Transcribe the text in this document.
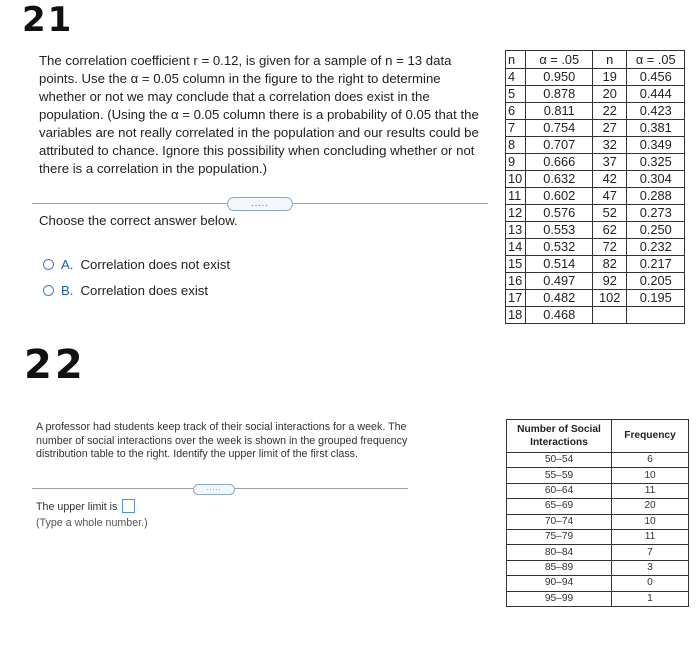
21
The correlation coefficient r = 0.12, is given for a sample of n = 13 data points. Use the α = 0.05 column in the figure to the right to determine whether or not we may conclude that a correlation does exist in the population. (Using the α = 0.05 column there is a probability of 0.05 that the variables are not really correlated in the population and our results could be attributed to chance. Ignore this possibility when concluding whether or not there is a correlation in the population.)
.....
Choose the correct answer below.
A. Correlation does not exist
B. Correlation does exist
n	α = .05	n	α = .05
4	0.950	19	0.456
5	0.878	20	0.444
6	0.811	22	0.423
7	0.754	27	0.381
8	0.707	32	0.349
9	0.666	37	0.325
10	0.632	42	0.304
11	0.602	47	0.288
12	0.576	52	0.273
13	0.553	62	0.250
14	0.532	72	0.232
15	0.514	82	0.217
16	0.497	92	0.205
17	0.482	102	0.195
18	0.468		
22
A professor had students keep track of their social interactions for a week. The number of social interactions over the week is shown in the grouped frequency distribution table to the right. Identify the upper limit of the first class.
.....
The upper limit is
(Type a whole number.)
Number of Social Interactions	Frequency
50–54	6
55–59	10
60–64	11
65–69	20
70–74	10
75–79	11
80–84	7
85–89	3
90–94	0
95–99	1
